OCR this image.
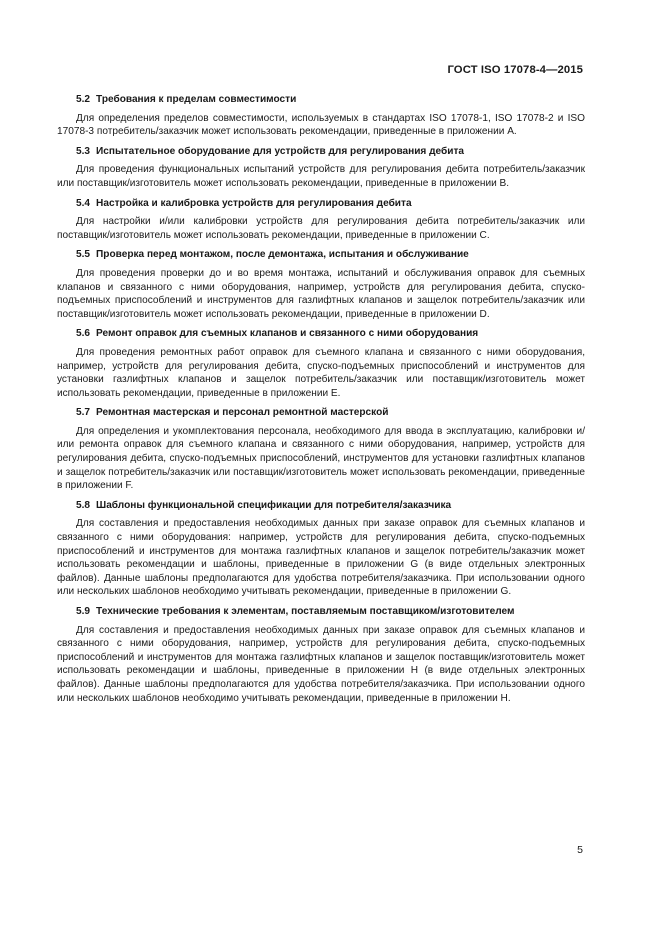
ГОСТ ISO 17078-4—2015
5.2 Требования к пределам совместимости

Для определения пределов совместимости, используемых в стандартах ISO 17078-1, ISO 17078-2 и ISO 17078-3 потребитель/заказчик может использовать рекомендации, приведенные в приложении А.

5.3 Испытательное оборудование для устройств для регулирования дебита

Для проведения функциональных испытаний устройств для регулирования дебита потребитель/заказчик или поставщик/изготовитель может использовать рекомендации, приведенные в приложении В.

5.4 Настройка и калибровка устройств для регулирования дебита

Для настройки и/или калибровки устройств для регулирования дебита потребитель/заказчик или поставщик/изготовитель может использовать рекомендации, приведенные в приложении С.

5.5 Проверка перед монтажом, после демонтажа, испытания и обслуживание

Для проведения проверки до и во время монтажа, испытаний и обслуживания оправок для съемных клапанов и связанного с ними оборудования, например, устройств для регулирования дебита, спуско-подъемных приспособлений и инструментов для газлифтных клапанов и защелок потребитель/заказчик или поставщик/изготовитель может использовать рекомендации, приведенные в приложении D.

5.6 Ремонт оправок для съемных клапанов и связанного с ними оборудования

Для проведения ремонтных работ оправок для съемного клапана и связанного с ними оборудования, например, устройств для регулирования дебита, спуско-подъемных приспособлений и инструментов для установки газлифтных клапанов и защелок потребитель/заказчик или поставщик/изготовитель может использовать рекомендации, приведенные в приложении Е.

5.7 Ремонтная мастерская и персонал ремонтной мастерской

Для определения и укомплектования персонала, необходимого для ввода в эксплуатацию, калибровки и/или ремонта оправок для съемного клапана и связанного с ними оборудования, например, устройств для регулирования дебита, спуско-подъемных приспособлений, инструментов для установки газлифтных клапанов и защелок потребитель/заказчик или поставщик/изготовитель может использовать рекомендации, приведенные в приложении F.

5.8 Шаблоны функциональной спецификации для потребителя/заказчика

Для составления и предоставления необходимых данных при заказе оправок для съемных клапанов и связанного с ними оборудования: например, устройств для регулирования дебита, спуско-подъемных приспособлений и инструментов для монтажа газлифтных клапанов и защелок потребитель/заказчик может использовать рекомендации и шаблоны, приведенные в приложении G (в виде отдельных электронных файлов). Данные шаблоны предполагаются для удобства потребителя/заказчика. При использовании одного или нескольких шаблонов необходимо учитывать рекомендации, приведенные в приложении G.

5.9 Технические требования к элементам, поставляемым поставщиком/изготовителем

Для составления и предоставления необходимых данных при заказе оправок для съемных клапанов и связанного с ними оборудования, например, устройств для регулирования дебита, спуско-подъемных приспособлений и инструментов для монтажа газлифтных клапанов и защелок поставщик/изготовитель может использовать рекомендации и шаблоны, приведенные в приложении Н (в виде отдельных электронных файлов). Данные шаблоны предполагаются для удобства потребителя/заказчика. При использовании одного или нескольких шаблонов необходимо учитывать рекомендации, приведенные в приложении Н.

5
